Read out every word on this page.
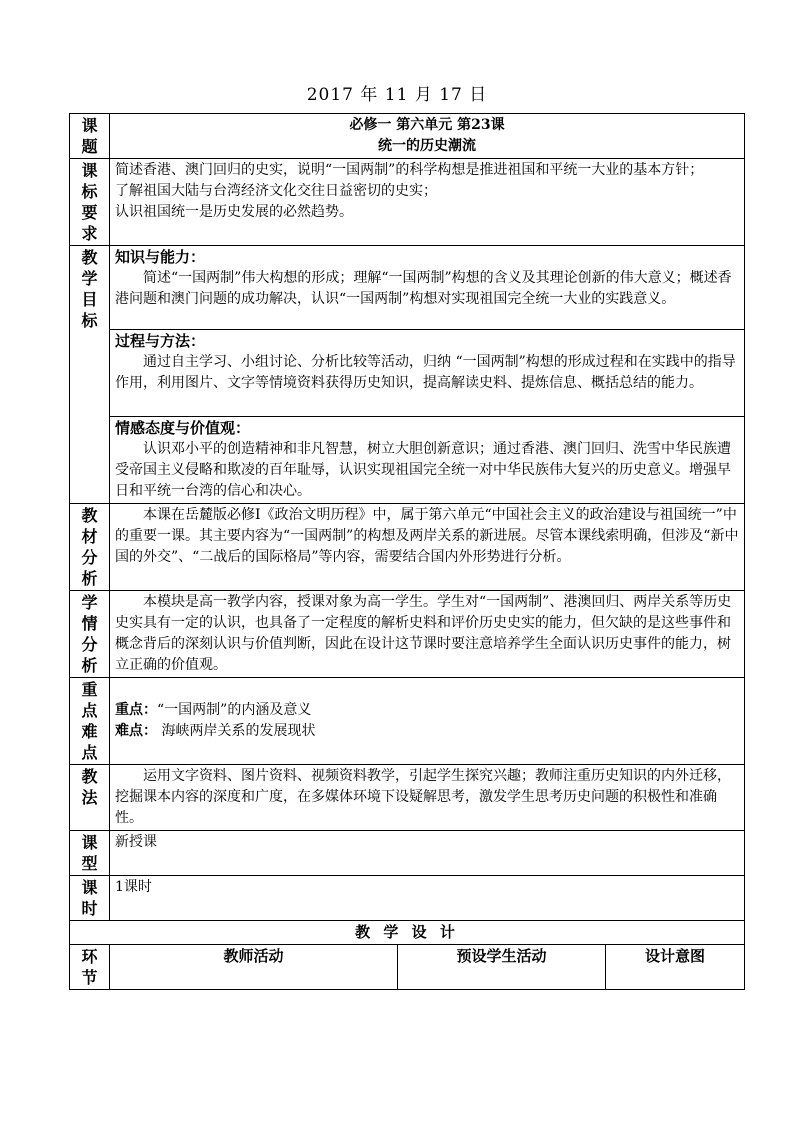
2017 年 11 月 17 日
课题	必修一 第六单元 第23课
统一的历史潮流		

课标要求	简述香港、澳门回归的史实，说明“一国两制”的科学构想是推进祖国和平统一大业的基本方针；

了解祖国大陆与台湾经济文化交往日益密切的史实；

认识祖国统一是历史发展的必然趋势。		

教学目标	知识与能力：

简述“一国两制”伟大构想的形成；理解“一国两制”构想的含义及其理论创新的伟大意义；概述香港问题和澳门问题的成功解决，认识“一国两制”构想对实现祖国完全统一大业的实践意义。		

	过程与方法：

通过自主学习、小组讨论、分析比较等活动，归纳 “一国两制”构想的形成过程和在实践中的指导作用，利用图片、文字等情境资料获得历史知识，提高解读史料、提炼信息、概括总结的能力。		

	情感态度与价值观：

认识邓小平的创造精神和非凡智慧，树立大胆创新意识；通过香港、澳门回归、洗雪中华民族遭受帝国主义侵略和欺凌的百年耻辱，认识实现祖国完全统一对中华民族伟大复兴的历史意义。增强早日和平统一台湾的信心和决心。		

教材分析	本课在岳麓版必修Ⅰ《政治文明历程》中，属于第六单元“中国社会主义的政治建设与祖国统一”中的重要一课。其主要内容为“一国两制”的构想及两岸关系的新进展。尽管本课线索明确，但涉及“新中国的外交”、“二战后的国际格局”等内容，需要结合国内外形势进行分析。		

学情分析	本模块是高一教学内容，授课对象为高一学生。学生对“一国两制”、港澳回归、两岸关系等历史史实具有一定的认识，也具备了一定程度的解析史料和评价历史史实的能力，但欠缺的是这些事件和概念背后的深刻认识与价值判断，因此在设计这节课时要注意培养学生全面认识历史事件的能力，树立正确的价值观。		

重点难点	重点：“一国两制”的内涵及意义

难点： 海峡两岸关系的发展现状		

教法	运用文字资料、图片资料、视频资料教学，引起学生探究兴趣；教师注重历史知识的内外迁移，挖掘课本内容的深度和广度，在多媒体环境下设疑解思考，激发学生思考历史问题的积极性和准确性。		

课型	新授课		
课时	1课时		
教 学 设 计			
环节	教师活动	预设学生活动	设计意图
